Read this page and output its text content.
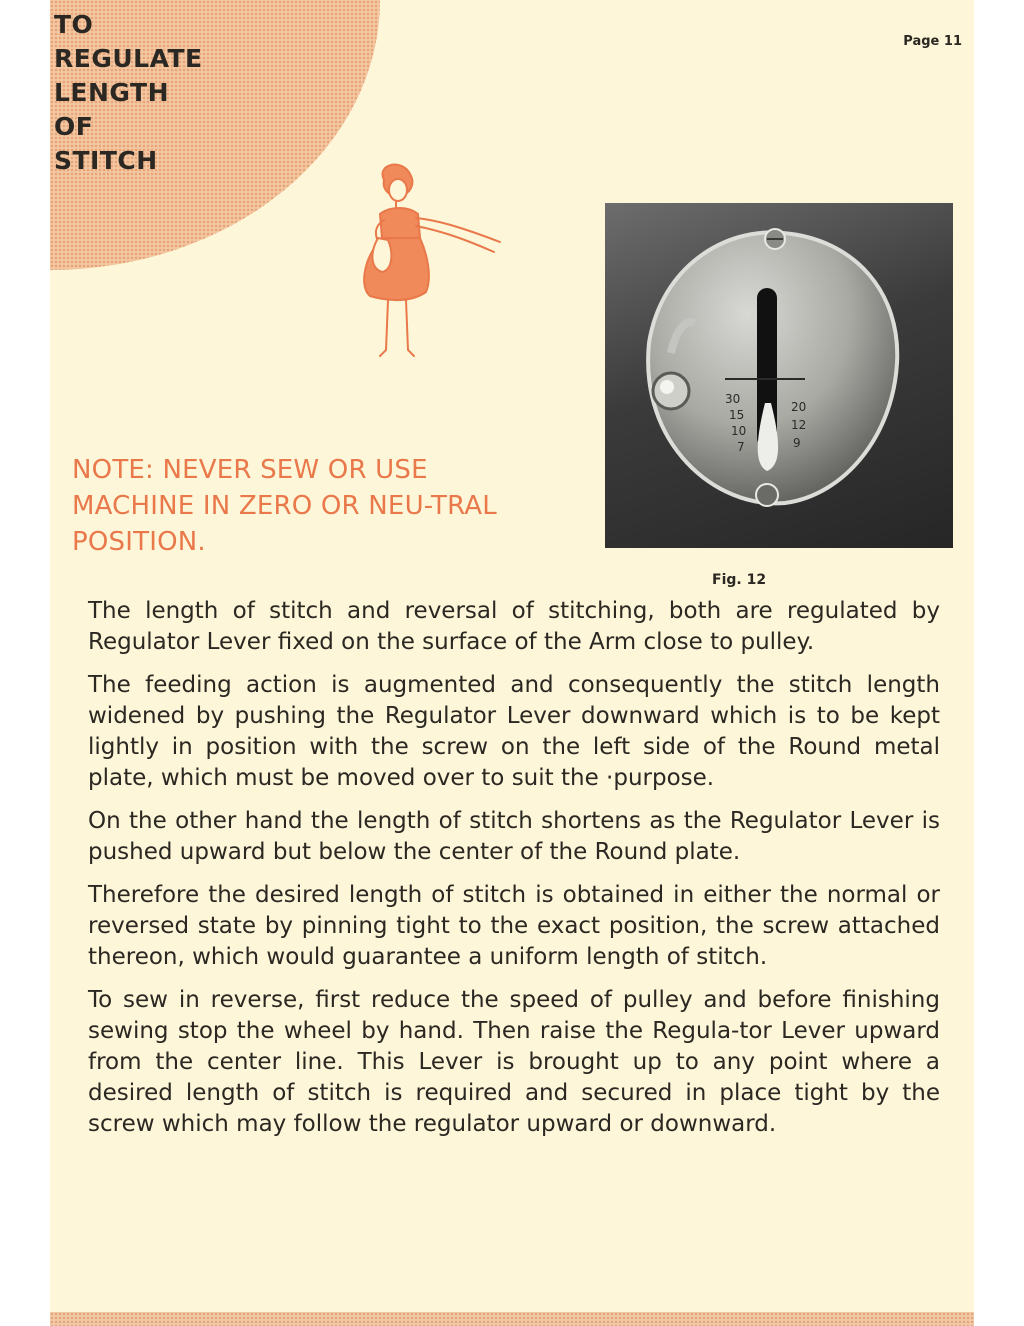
TO
REGULATE
LENGTH
OF
STITCH
Page 11

NOTE: NEVER SEW OR USE MACHINE IN ZERO OR NEU-TRAL POSITION.

30
15
10
7
20
12
9
Fig. 12

The length of stitch and reversal of stitching, both are regulated by Regulator Lever fixed on the surface of the Arm close to pulley.

The feeding action is augmented and consequently the stitch length widened by pushing the Regulator Lever downward which is to be kept lightly in position with the screw on the left side of the Round metal plate, which must be moved over to suit the ·purpose.

On the other hand the length of stitch shortens as the Regulator Lever is pushed upward but below the center of the Round plate.

Therefore the desired length of stitch is obtained in either the normal or reversed state by pinning tight to the exact position, the screw attached thereon, which would guarantee a uniform length of stitch.

To sew in reverse, first reduce the speed of pulley and before finishing sewing stop the wheel by hand. Then raise the Regula-tor Lever upward from the center line. This Lever is brought up to any point where a desired length of stitch is required and secured in place tight by the screw which may follow the regulator upward or downward.
